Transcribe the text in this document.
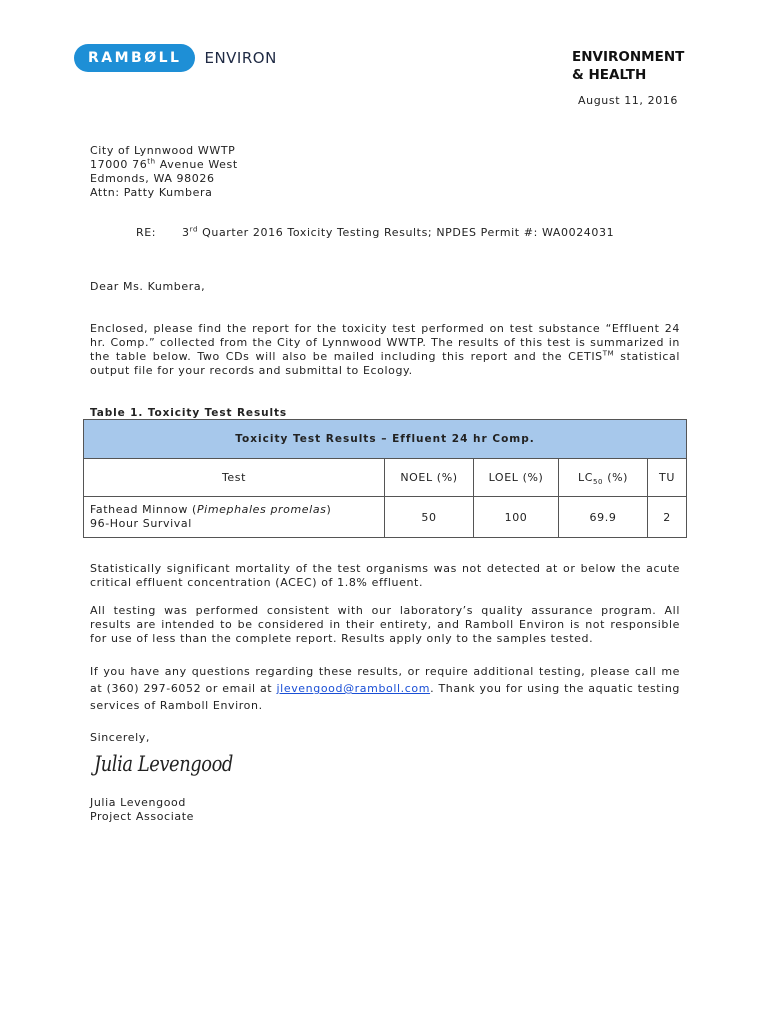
RAMBØLL	ENVIRON	ENVIRONMENT
& HEALTH
August 11, 2016

City of Lynnwood WWTP

17000 76th Avenue West

Edmonds, WA 98026

Attn: Patty Kumbera

RE:	3rd Quarter 2016 Toxicity Testing Results; NPDES Permit #: WA0024031

Dear Ms. Kumbera,

Enclosed, please find the report for the toxicity test performed on test substance “Effluent 24 hr. Comp.” collected from the City of Lynnwood WWTP. The results of this test is summarized in the table below. Two CDs will also be mailed including this report and the CETIS™ statistical output file for your records and submittal to Ecology.

Table 1. Toxicity Test Results
Toxicity Test Results – Effluent 24 hr Comp.				
Test	NOEL (%)	LOEL (%)	$LC_{50}$ (%)	TU

Fathead Minnow (Pimephales promelas)
96-Hour Survival	50	100	69.9	2

Statistically significant mortality of the test organisms was not detected at or below the acute critical effluent concentration (ACEC) of 1.8% effluent.

All testing was performed consistent with our laboratory’s quality assurance program. All results are intended to be considered in their entirety, and Ramboll Environ is not responsible for use of less than the complete report. Results apply only to the samples tested.

If you have any questions regarding these results, or require additional testing, please call me at (360) 297-6052 or email at jlevengood@ramboll.com. Thank you for using the aquatic testing services of Ramboll Environ.

Sincerely,

Julia Levengood

Julia Levengood

Project Associate
